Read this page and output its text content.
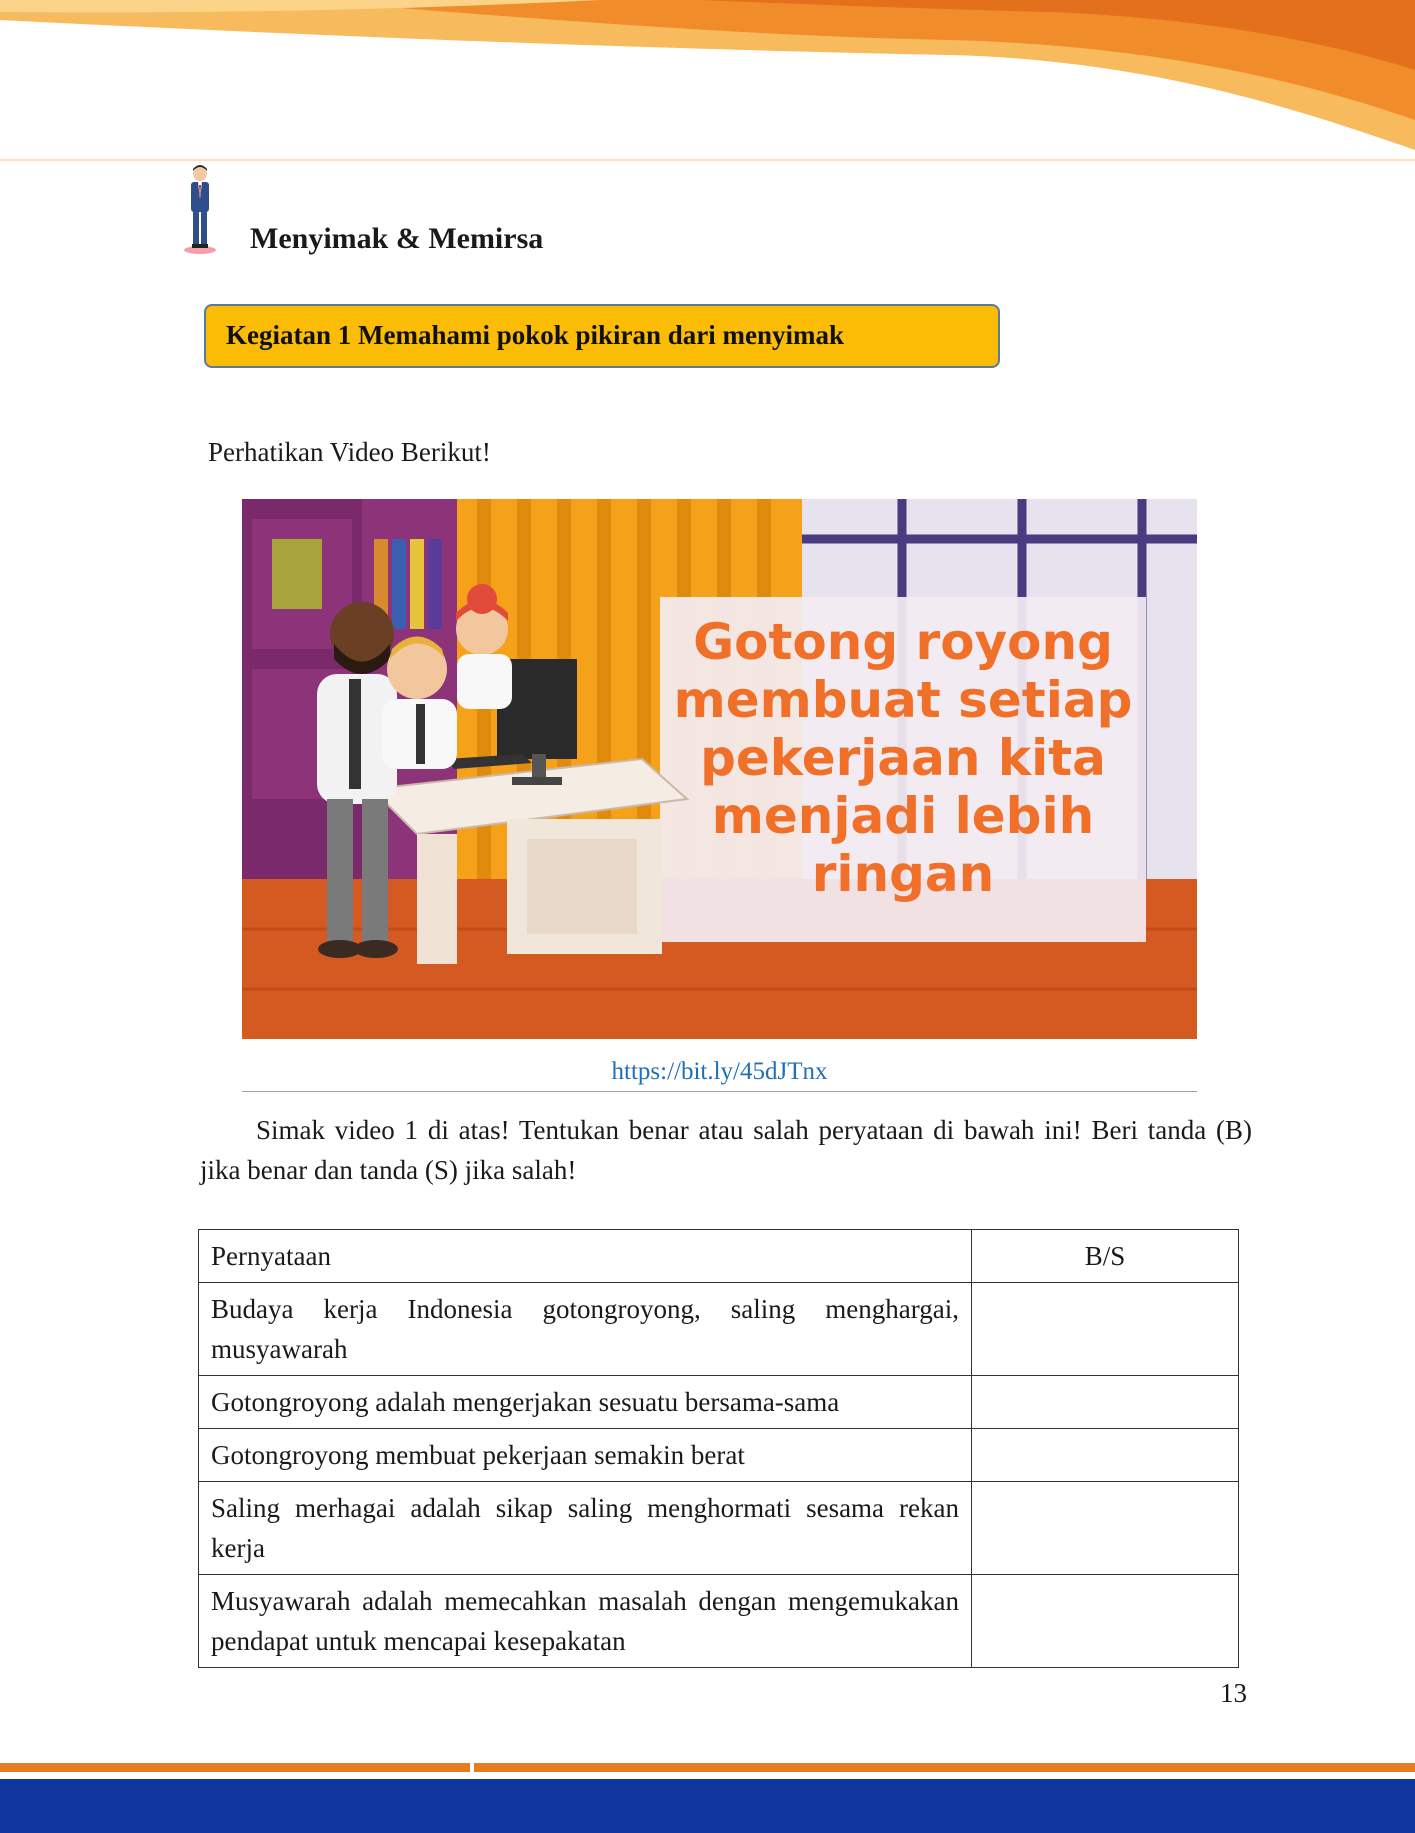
Menyimak & Memirsa
Kegiatan 1 Memahami pokok pikiran dari menyimak
Perhatikan Video Berikut!
Gotong royong
membuat setiap
pekerjaan kita
menjadi lebih
ringan
https://bit.ly/45dJTnx
Simak video 1 di atas! Tentukan benar atau salah peryataan di bawah ini! Beri tanda (B) jika benar dan tanda (S) jika salah!
Pernyataan	B/S
Budaya kerja Indonesia gotongroyong, saling menghargai, musyawarah	
Gotongroyong adalah mengerjakan sesuatu bersama-sama	
Gotongroyong membuat pekerjaan semakin berat	
Saling merhagai adalah sikap saling menghormati sesama rekan kerja	
Musyawarah adalah memecahkan masalah dengan mengemukakan pendapat untuk mencapai kesepakatan	
13
